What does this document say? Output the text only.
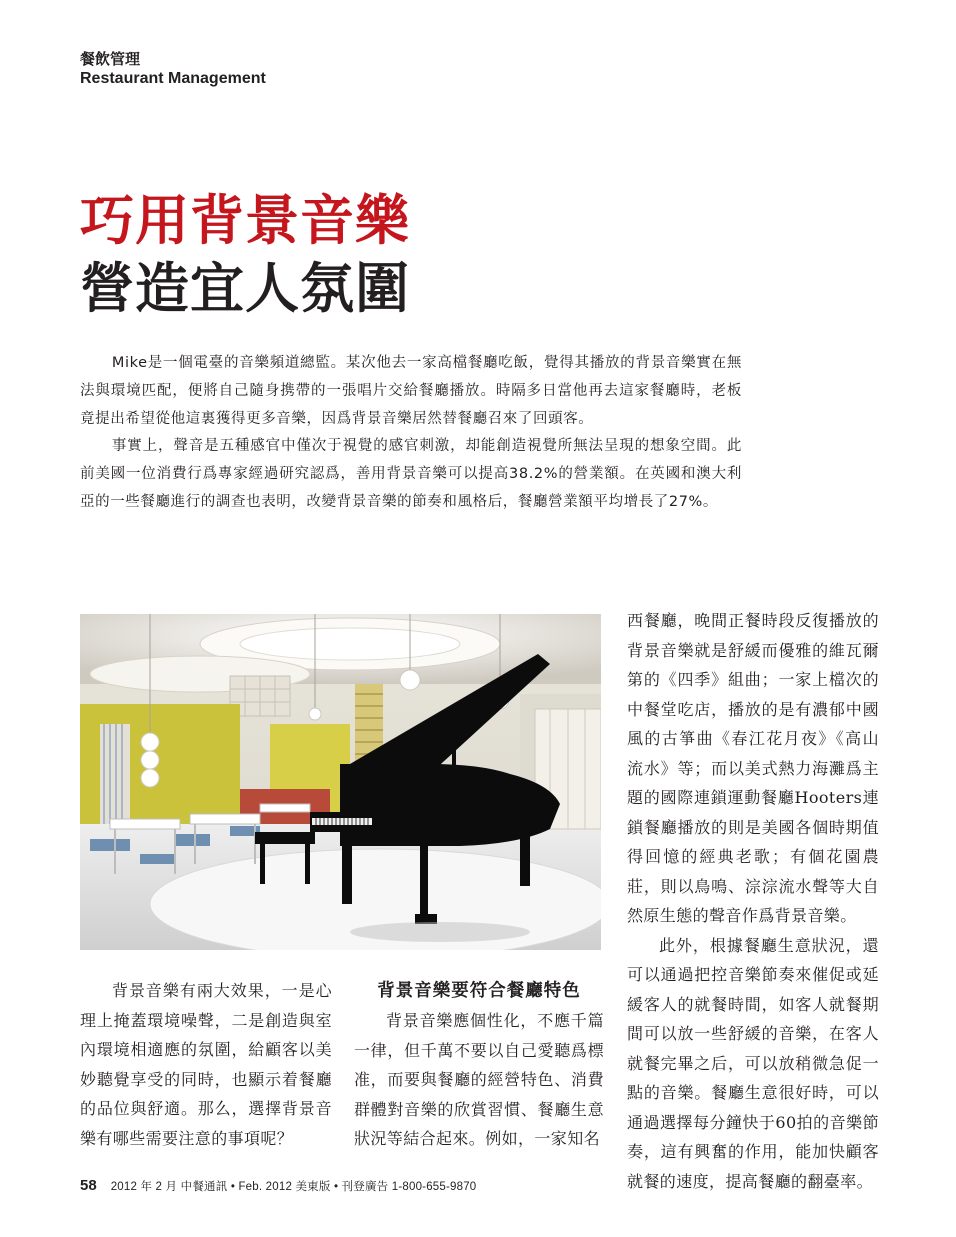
餐飲管理
Restaurant Management
巧用背景音樂
營造宜人氛圍

Mike是一個電臺的音樂頻道總監。某次他去一家高檔餐廳吃飯，覺得其播放的背景音樂實在無法與環境匹配，便將自己隨身携帶的一張唱片交給餐廳播放。時隔多日當他再去這家餐廳時，老板竟提出希望從他這裏獲得更多音樂，因爲背景音樂居然替餐廳召來了回頭客。

事實上，聲音是五種感官中僅次于視覺的感官刺激，却能創造視覺所無法呈現的想象空間。此前美國一位消費行爲專家經過研究認爲，善用背景音樂可以提高38.2%的營業額。在英國和澳大利亞的一些餐廳進行的調查也表明，改變背景音樂的節奏和風格后，餐廳營業額平均增長了27%。

背景音樂有兩大效果，一是心理上掩蓋環境噪聲，二是創造與室內環境相適應的氛圍，給顧客以美妙聽覺享受的同時，也顯示着餐廳的品位與舒適。那么，選擇背景音樂有哪些需要注意的事項呢？

背景音樂要符合餐廳特色

背景音樂應個性化，不應千篇一律，但千萬不要以自己愛聽爲標准，而要與餐廳的經營特色、消費群體對音樂的欣賞習慣、餐廳生意狀況等結合起來。例如，一家知名

西餐廳，晚間正餐時段反復播放的背景音樂就是舒緩而優雅的維瓦爾第的《四季》組曲；一家上檔次的中餐堂吃店，播放的是有濃郁中國風的古箏曲《春江花月夜》《高山流水》等；而以美式熱力海灘爲主題的國際連鎖運動餐廳Hooters連鎖餐廳播放的則是美國各個時期值得回憶的經典老歌；有個花園農莊，則以鳥鳴、淙淙流水聲等大自然原生態的聲音作爲背景音樂。

此外，根據餐廳生意狀況，還可以通過把控音樂節奏來催促或延緩客人的就餐時間，如客人就餐期間可以放一些舒緩的音樂，在客人就餐完畢之后，可以放稍微急促一點的音樂。餐廳生意很好時，可以通過選擇每分鐘快于60拍的音樂節奏，這有興奮的作用，能加快顧客就餐的速度，提高餐廳的翻臺率。

58 2012 年 2 月 中餐通訊 • Feb. 2012 美東版 • 刊登廣告 1-800-655-9870
